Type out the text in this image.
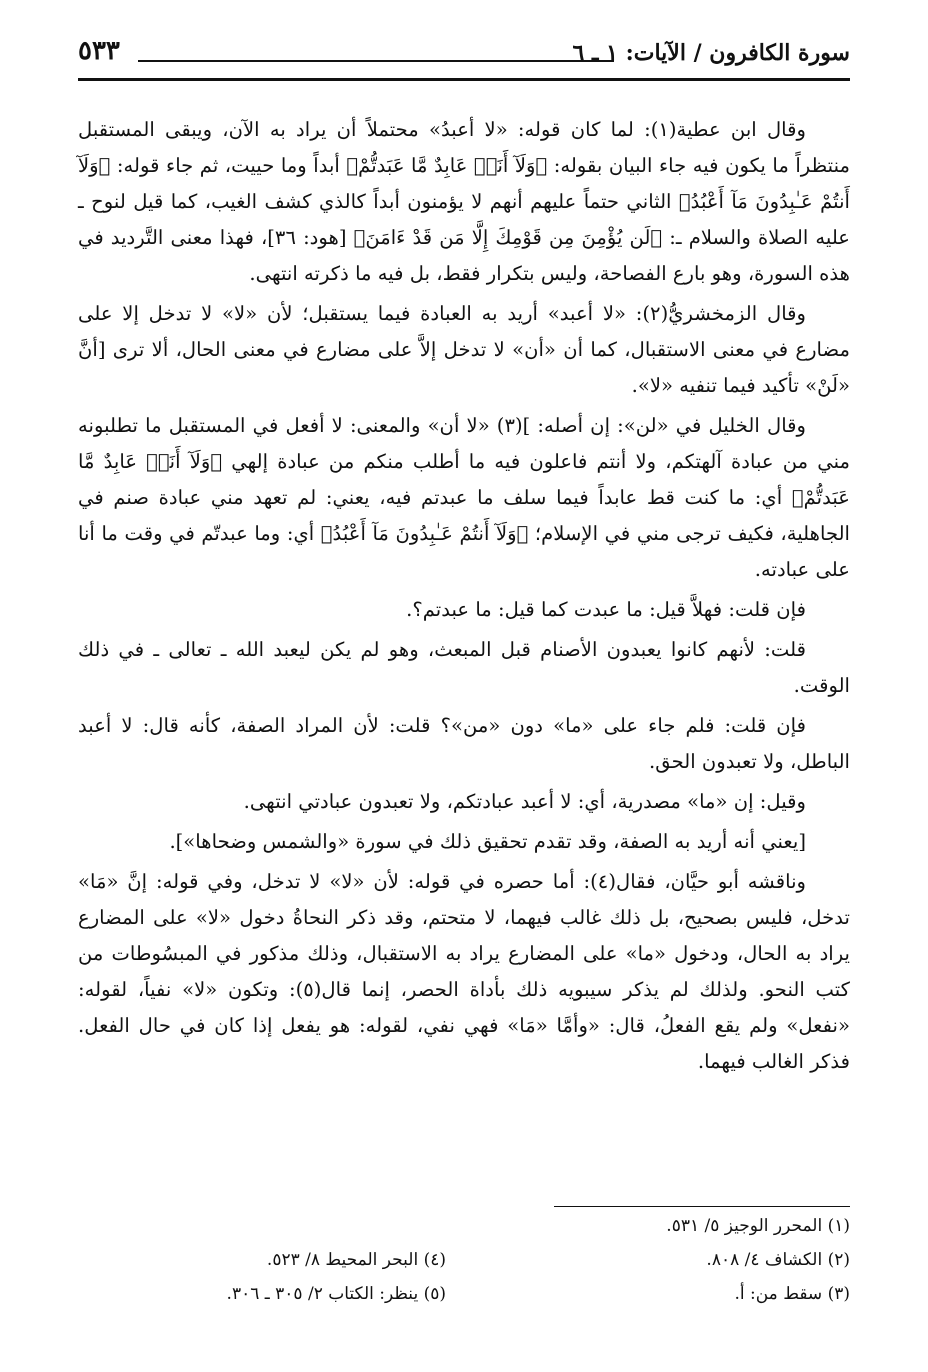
سورة الكافرون / الآيات: ١ ـ ٦
٥٣٣

وقال ابن عطية(١): لما كان قوله: «لا أعبدُ» محتملاً أن يراد به الآن، ويبقى المستقبل منتظراً ما يكون فيه جاء البيان بقوله: ﴿وَلَآ أَنَا۠ عَابِدٌ مَّا عَبَدتُّمْ﴾ أبداً وما حييت، ثم جاء قوله: ﴿وَلَآ أَنتُمْ عَـٰبِدُونَ مَآ أَعْبُدُ﴾ الثاني حتماً عليهم أنهم لا يؤمنون أبداً كالذي كشف الغيب، كما قيل لنوح ـ عليه الصلاة والسلام ـ: ﴿لَن يُؤْمِنَ مِن قَوْمِكَ إِلَّا مَن قَدْ ءَامَنَ﴾ [هود: ٣٦]، فهذا معنى التَّرديد في هذه السورة، وهو بارع الفصاحة، وليس بتكرار فقط، بل فيه ما ذكرته انتهى.

وقال الزمخشريُّ(٢): «لا أعبد» أريد به العبادة فيما يستقبل؛ لأن «لا» لا تدخل إلا على مضارع في معنى الاستقبال، كما أن «أن» لا تدخل إلاَّ على مضارع في معنى الحال، ألا ترى [أنَّ «لَنْ» تأكيد فيما تنفيه «لا».

وقال الخليل في «لن»: إن أصله: ](٣) «لا أن» والمعنى: لا أفعل في المستقبل ما تطلبونه مني من عبادة آلهتكم، ولا أنتم فاعلون فيه ما أطلب منكم من عبادة إلهي ﴿وَلَآ أَنَا۠ عَابِدٌ مَّا عَبَدتُّمْ﴾ أي: ما كنت قط عابداً فيما سلف ما عبدتم فيه، يعني: لم تعهد مني عبادة صنم في الجاهلية، فكيف ترجى مني في الإسلام؛ ﴿وَلَآ أَنتُمْ عَـٰبِدُونَ مَآ أَعْبُدُ﴾ أي: وما عبدتّم في وقت ما أنا على عبادته.

فإن قلت: فهلاَّ قيل: ما عبدت كما قيل: ما عبدتم؟.

قلت: لأنهم كانوا يعبدون الأصنام قبل المبعث، وهو لم يكن ليعبد الله ـ تعالى ـ في ذلك الوقت.

فإن قلت: فلم جاء على «ما» دون «من»؟ قلت: لأن المراد الصفة، كأنه قال: لا أعبد الباطل، ولا تعبدون الحق.

وقيل: إن «ما» مصدرية، أي: لا أعبد عبادتكم، ولا تعبدون عبادتي انتهى.

[يعني أنه أريد به الصفة، وقد تقدم تحقيق ذلك في سورة «والشمس وضحاها»].

وناقشه أبو حيَّان، فقال(٤): أما حصره في قوله: لأن «لا» لا تدخل، وفي قوله: إنَّ «مَا» تدخل، فليس بصحيح، بل ذلك غالب فيهما، لا متحتم، وقد ذكر النحاةُ دخول «لا» على المضارع يراد به الحال، ودخول «ما» على المضارع يراد به الاستقبال، وذلك مذكور في المبسُوطات من كتب النحو. ولذلك لم يذكر سيبويه ذلك بأداة الحصر، إنما قال(٥): وتكون «لا» نفياً، لقوله: «نفعل» ولم يقع الفعلُ، قال: «وأمَّا «مَا» فهي نفي، لقوله: هو يفعل إذا كان في حال الفعل. فذكر الغالب فيهما.

(١) المحرر الوجيز ٥/ ٥٣١.
(٢) الكشاف ٤/ ٨٠٨.
(٣) سقط من: أ.
(٤) البحر المحيط ٨/ ٥٢٣.
(٥) ينظر: الكتاب ٢/ ٣٠٥ ـ ٣٠٦.
